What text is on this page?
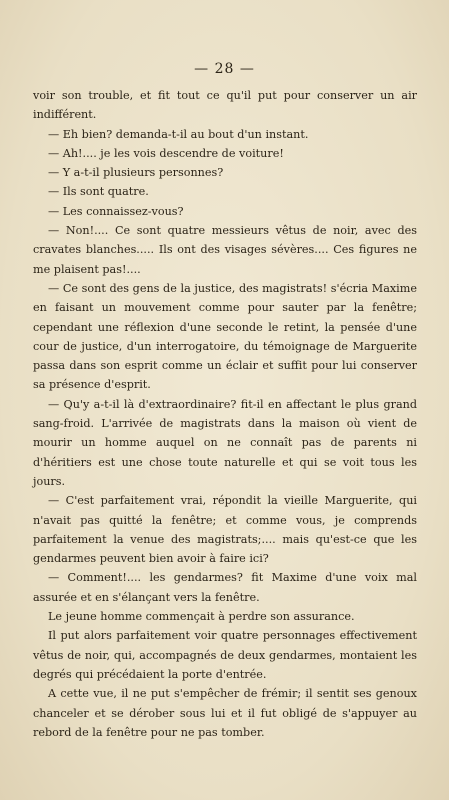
— 28 —

voir son trouble, et fit tout ce qu'il put pour conserver un air indifférent.

— Eh bien? demanda-t-il au bout d'un instant.

— Ah!.... je les vois descendre de voiture!

— Y a-t-il plusieurs personnes?

— Ils sont quatre.

— Les connaissez-vous?

— Non!.... Ce sont quatre messieurs vêtus de noir, avec des cravates blanches..... Ils ont des visages sévères.... Ces figures ne me plaisent pas!....

— Ce sont des gens de la justice, des magistrats! s'écria Maxime en faisant un mouvement comme pour sauter par la fenêtre; cependant une réflexion d'une seconde le retint, la pensée d'une cour de justice, d'un interrogatoire, du témoignage de Marguerite passa dans son esprit comme un éclair et suffit pour lui conserver sa présence d'esprit.

— Qu'y a-t-il là d'extraordinaire? fit-il en affectant le plus grand sang-froid. L'arrivée de magistrats dans la maison où vient de mourir un homme auquel on ne connaît pas de parents ni d'héritiers est une chose toute naturelle et qui se voit tous les jours.

— C'est parfaitement vrai, répondit la vieille Marguerite, qui n'avait pas quitté la fenêtre; et comme vous, je comprends parfaitement la venue des magistrats;.... mais qu'est-ce que les gendarmes peuvent bien avoir à faire ici?

— Comment!.... les gendarmes? fit Maxime d'une voix mal assurée et en s'élançant vers la fenêtre.

Le jeune homme commençait à perdre son assurance.

Il put alors parfaitement voir quatre personnages effectivement vêtus de noir, qui, accompagnés de deux gendarmes, montaient les degrés qui précédaient la porte d'entrée.

A cette vue, il ne put s'empêcher de frémir; il sentit ses genoux chanceler et se dérober sous lui et il fut obligé de s'appuyer au rebord de la fenêtre pour ne pas tomber.
